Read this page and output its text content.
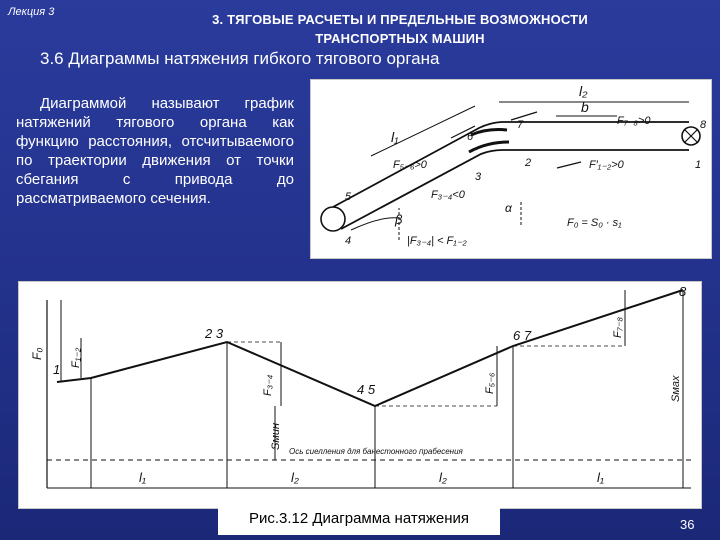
Лекция 3	3. ТЯГОВЫЕ РАСЧЕТЫ И ПРЕДЕЛЬНЫЕ ВОЗМОЖНОСТИ
ТРАНСПОРТНЫХ МАШИН
3.6 Диаграммы натяжения гибкого тягового органа
Диаграммой называют график натяжений тягового органа как функцию расстояния, отсчитываемого по траектории движения от точки сбегания с привода до рассматриваемого сечения.
l₂
b
l₁
5
4
6
7
2
3
8
1
F₇₋₈>0
F₅₋₆>0	F′₁₋₂>0
F₃₋₄<0
β
α
|F₃₋₄| < F₁₋₂
F₀ = S₀ · s₁
1
2 3
4 5
6 7
8
F₀ F₁₋₂
F₃₋₄	F₅₋₆
F₇₋₈
Sмин
Sмах
Ось сиелления для банестонного прабесения
l₁	l₂	l₂	l₁
Рис.3.12 Диаграмма натяжения	36
